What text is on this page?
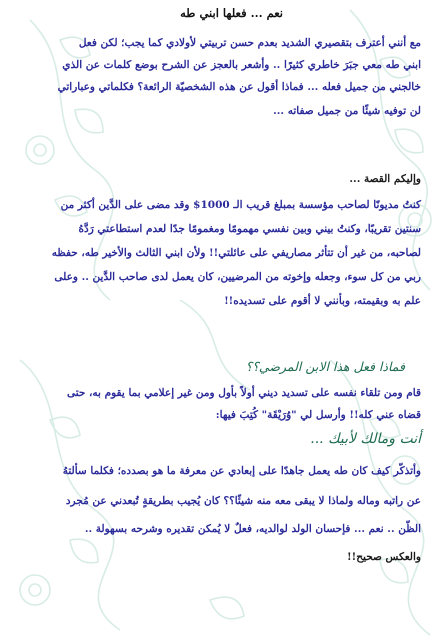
نعم ... فعلها ابني طه
مع أنني أعترف بتقصيري الشديد بعدم حسن تربيتي لأولادي كما يجب؛ لكن فعل
ابني طه معي جبَرَ خاطري كثيرًا .. وأشعر بالعجز عن الشرح بوضع كلمات عن الذي
خالجني من جميل فعله ... فماذا أقول عن هذه الشخصيّة الرائعة؟ فكلماتي وعباراتي
لن توفيه شيئًا من جميل صفاته ...
وإليكم القصة ...
كنتُ مديونًا لصاحب مؤسسة بمبلغ قريب الـ 1000$ وقد مضى على الدَّين أكثر من
سنتين تقريبًا، وكنتُ بيني وبين نفسي مهمومًا ومغمومًا جدًا لعدم استطاعتي رَدَّهُ
لصاحبه، من غير أن تتأثر مصاريفي على عائلتي!! ولأن ابني الثالث والأخير طه، حفظه
ربي من كل سوء، وجعله وإخوته من المرضيين، كان يعمل لدى صاحب الدَّين .. وعلى
علم به وبقيمته، وبأنني لا أقوم على تسديده!!
فماذا فعل هذا الابن المرضي؟؟
قام ومن تلقاء نفسه على تسديد ديني أولاً بأول ومن غير إعلامي بما يقوم به، حتى
قضاه عني كله!! وأرسل لي "وُرَيْقَة" كُتِبَ فيها:
أنت ومالك لأبيك ...
وأتذكّر كيف كان طه يعمل جاهدًا على إبعادي عن معرفة ما هو بصدده؛ فكلما سألتهُ
عن راتبه وماله ولماذا لا يبقى معه منه شيئًا؟؟ كان يُجيب بطريقةٍ تُبعدني عن مُجرد
الظّن .. نعم ... فإحسان الولد لوالديه، فعلٌ لا يُمكن تقديره وشرحه بسهولة ..
والعكس صحيح!!
